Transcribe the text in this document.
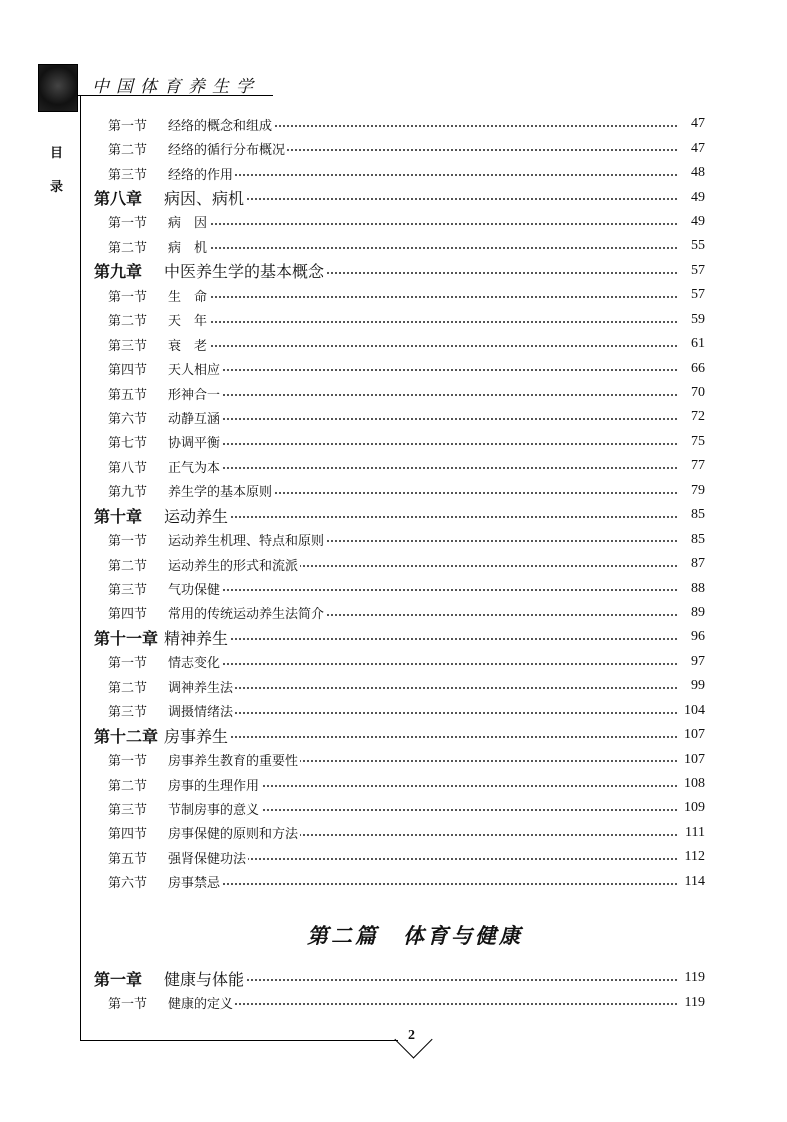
中国体育养生学
目
录
第一节 经络的概念和组成	47
第二节 经络的循行分布概况	47
第三节 经络的作用	48
第八章 病因、病机	49
第一节 病　因	49
第二节 病　机	55
第九章 中医养生学的基本概念	57
第一节 生　命	57
第二节 天　年	59
第三节 衰　老	61
第四节 天人相应	66
第五节 形神合一	70
第六节 动静互涵	72
第七节 协调平衡	75
第八节 正气为本	77
第九节 养生学的基本原则	79
第十章 运动养生	85
第一节 运动养生机理、特点和原则	85
第二节 运动养生的形式和流派	87
第三节 气功保健	88
第四节 常用的传统运动养生法简介	89
第十一章 精神养生	96
第一节 情志变化	97
第二节 调神养生法	99
第三节 调摄情绪法	104
第十二章 房事养生	107
第一节 房事养生教育的重要性	107
第二节 房事的生理作用	108
第三节 节制房事的意义	109
第四节 房事保健的原则和方法	111
第五节 强肾保健功法	112
第六节 房事禁忌	114
第二篇　体育与健康
第一章 健康与体能	119
第一节 健康的定义	119
2
